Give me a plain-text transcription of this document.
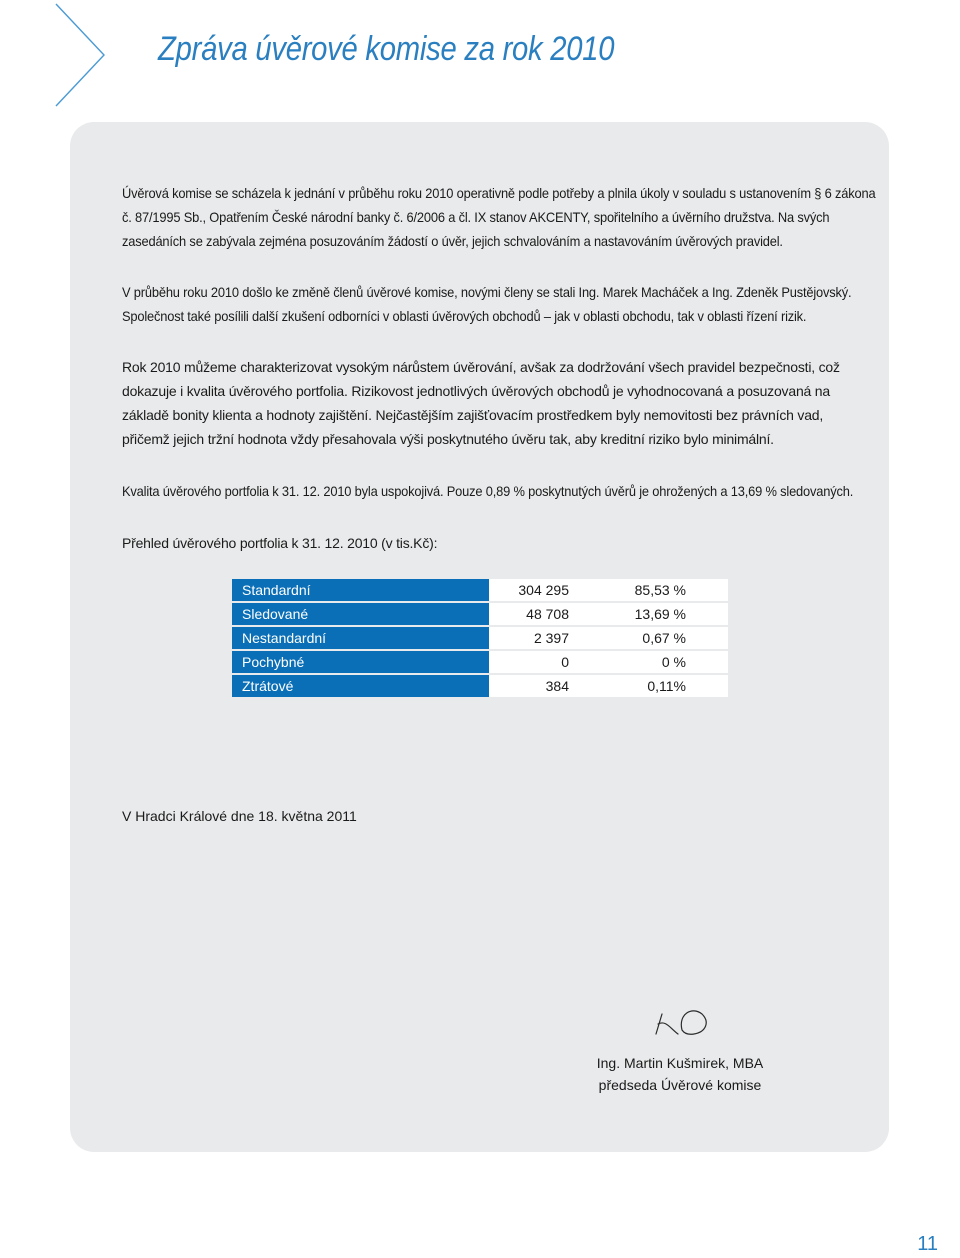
Zpráva úvěrové komise za rok 2010

Úvěrová komise se scházela k jednání v průběhu roku 2010 operativně podle potřeby a plnila úkoly v souladu s ustanovením § 6 zákona č. 87/1995 Sb., Opatřením České národní banky č. 6/2006 a čl. IX stanov AKCENTY, spořitelního a úvěrního družstva. Na svých zasedáních se zabývala zejména posuzováním žádostí o úvěr, jejich schvalováním a nastavováním úvěrových pravidel.

V průběhu roku 2010 došlo ke změně členů úvěrové komise, novými členy se stali Ing. Marek Macháček a Ing. Zdeněk Pustějovský. Společnost také posílili další zkušení odborníci v oblasti úvěrových obchodů – jak v oblasti obchodu, tak v oblasti řízení rizik.

Rok 2010 můžeme charakterizovat vysokým nárůstem úvěrování, avšak za dodržování všech pravidel bezpečnosti, což dokazuje i kvalita úvěrového portfolia. Rizikovost jednotlivých úvěrových obchodů je vyhodnocovaná a posuzovaná na základě bonity klienta a hodnoty zajištění. Nejčastějším zajišťovacím prostředkem byly nemovitosti bez právních vad, přičemž jejich tržní hodnota vždy přesahovala výši poskytnutého úvěru tak, aby kreditní riziko bylo minimální.

Kvalita úvěrového portfolia k 31. 12. 2010 byla uspokojivá. Pouze 0,89 % poskytnutých úvěrů je ohrožených a 13,69 % sledovaných.

Přehled úvěrového portfolia k 31. 12. 2010 (v tis.Kč):

Standardní	304 295	85,53 %
Sledované	48 708	13,69 %
Nestandardní	2 397	0,67 %
Pochybné	0	0 %
Ztrátové	384	0,11%
V Hradci Králové dne 18. května 2011
Ing. Martin Kušmirek, MBA
předseda Úvěrové komise
11
